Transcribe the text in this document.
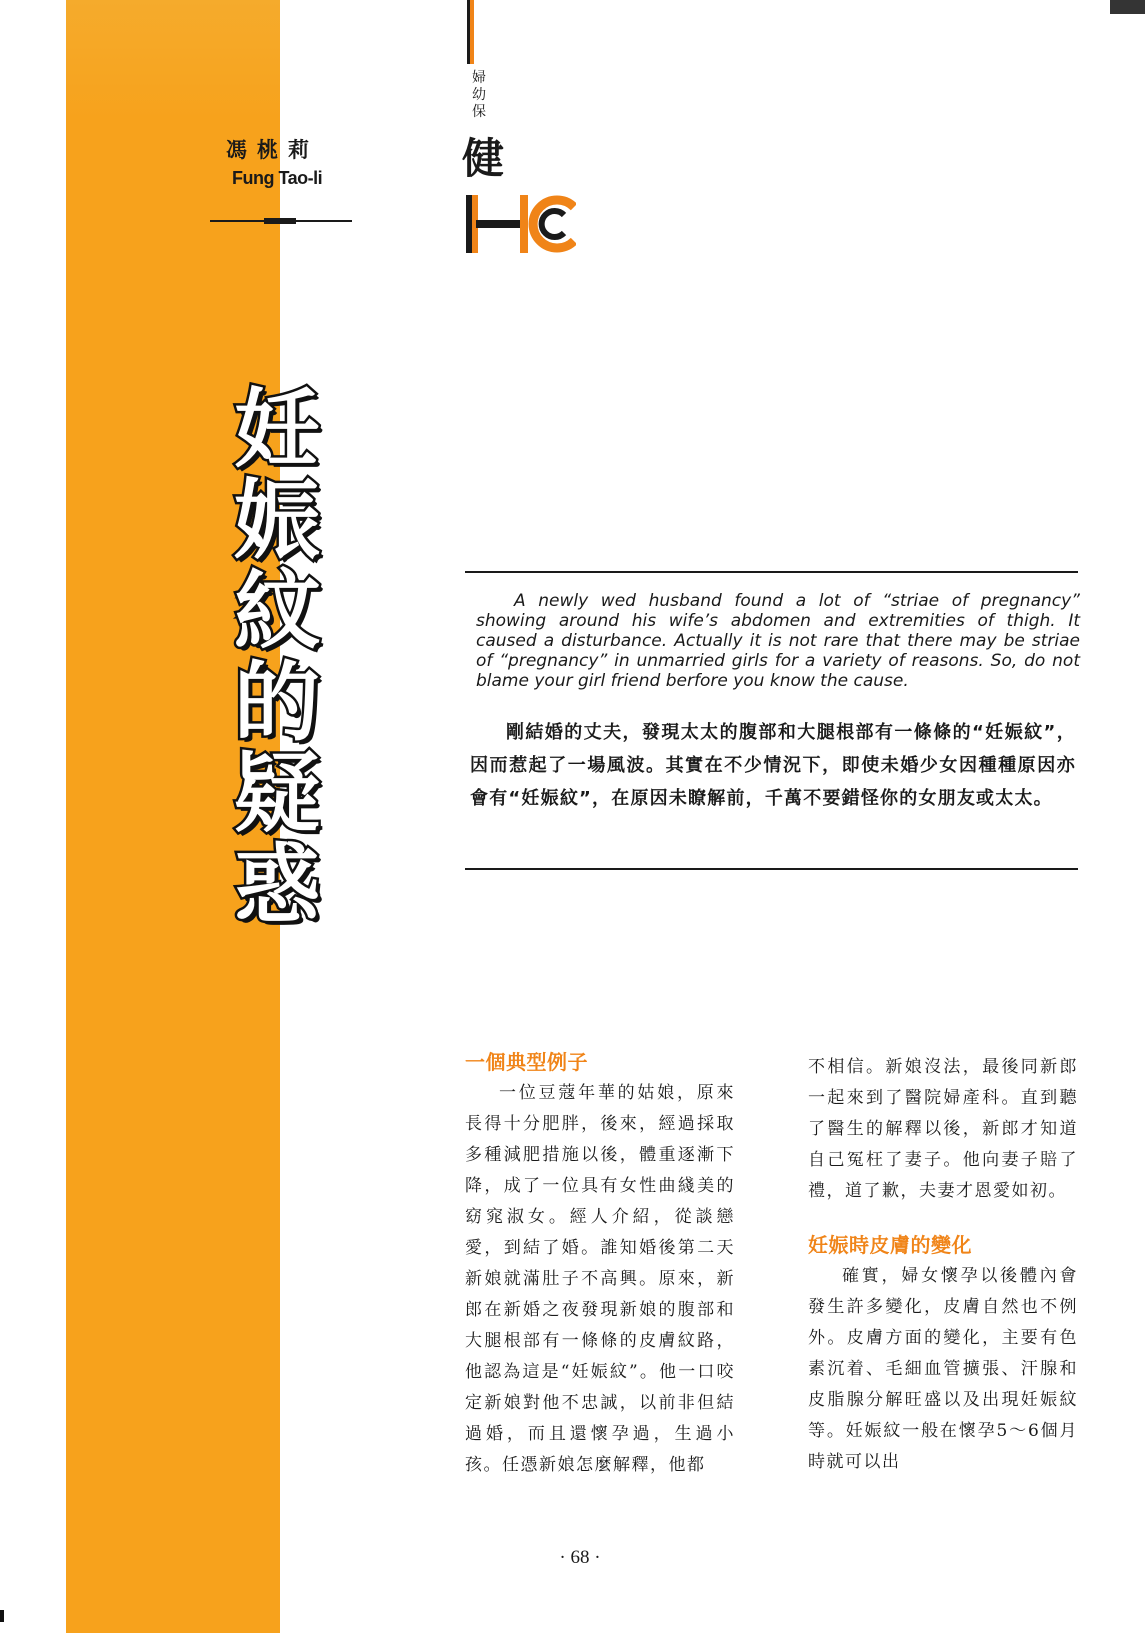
馮桃莉
Fung Tao-li
婦
幼
保
健
妊
娠
紋
的
疑
惑
A newly wed husband found a lot of “striae of pregnancy” showing around his wife’s abdomen and extremities of thigh. It caused a disturbance. Actually it is not rare that there may be striae of “pregnancy” in unmarried girls for a variety of reasons. So, do not blame your girl friend berfore you know the cause.
剛結婚的丈夫，發現太太的腹部和大腿根部有一條條的“妊娠紋”，因而惹起了一場風波。其實在不少情況下，即使未婚少女因種種原因亦會有“妊娠紋”，在原因未瞭解前，千萬不要錯怪你的女朋友或太太。
一個典型例子

一位豆蔻年華的姑娘，原來長得十分肥胖，後來，經過採取多種減肥措施以後，體重逐漸下降，成了一位具有女性曲綫美的窈窕淑女。經人介紹，從談戀愛，到結了婚。誰知婚後第二天新娘就滿肚子不高興。原來，新郎在新婚之夜發現新娘的腹部和大腿根部有一條條的皮膚紋路，他認為這是“妊娠紋”。他一口咬定新娘對他不忠誠，以前非但結過婚，而且還懷孕過，生過小孩。任憑新娘怎麼解釋，他都

不相信。新娘沒法，最後同新郎一起來到了醫院婦產科。直到聽了醫生的解釋以後，新郎才知道自己冤枉了妻子。他向妻子賠了禮，道了歉，夫妻才恩愛如初。

妊娠時皮膚的變化

確實，婦女懷孕以後體內會發生許多變化，皮膚自然也不例外。皮膚方面的變化，主要有色素沉着、毛細血管擴張、汗腺和皮脂腺分解旺盛以及出現妊娠紋等。妊娠紋一般在懷孕5～6個月時就可以出

· 68 ·
